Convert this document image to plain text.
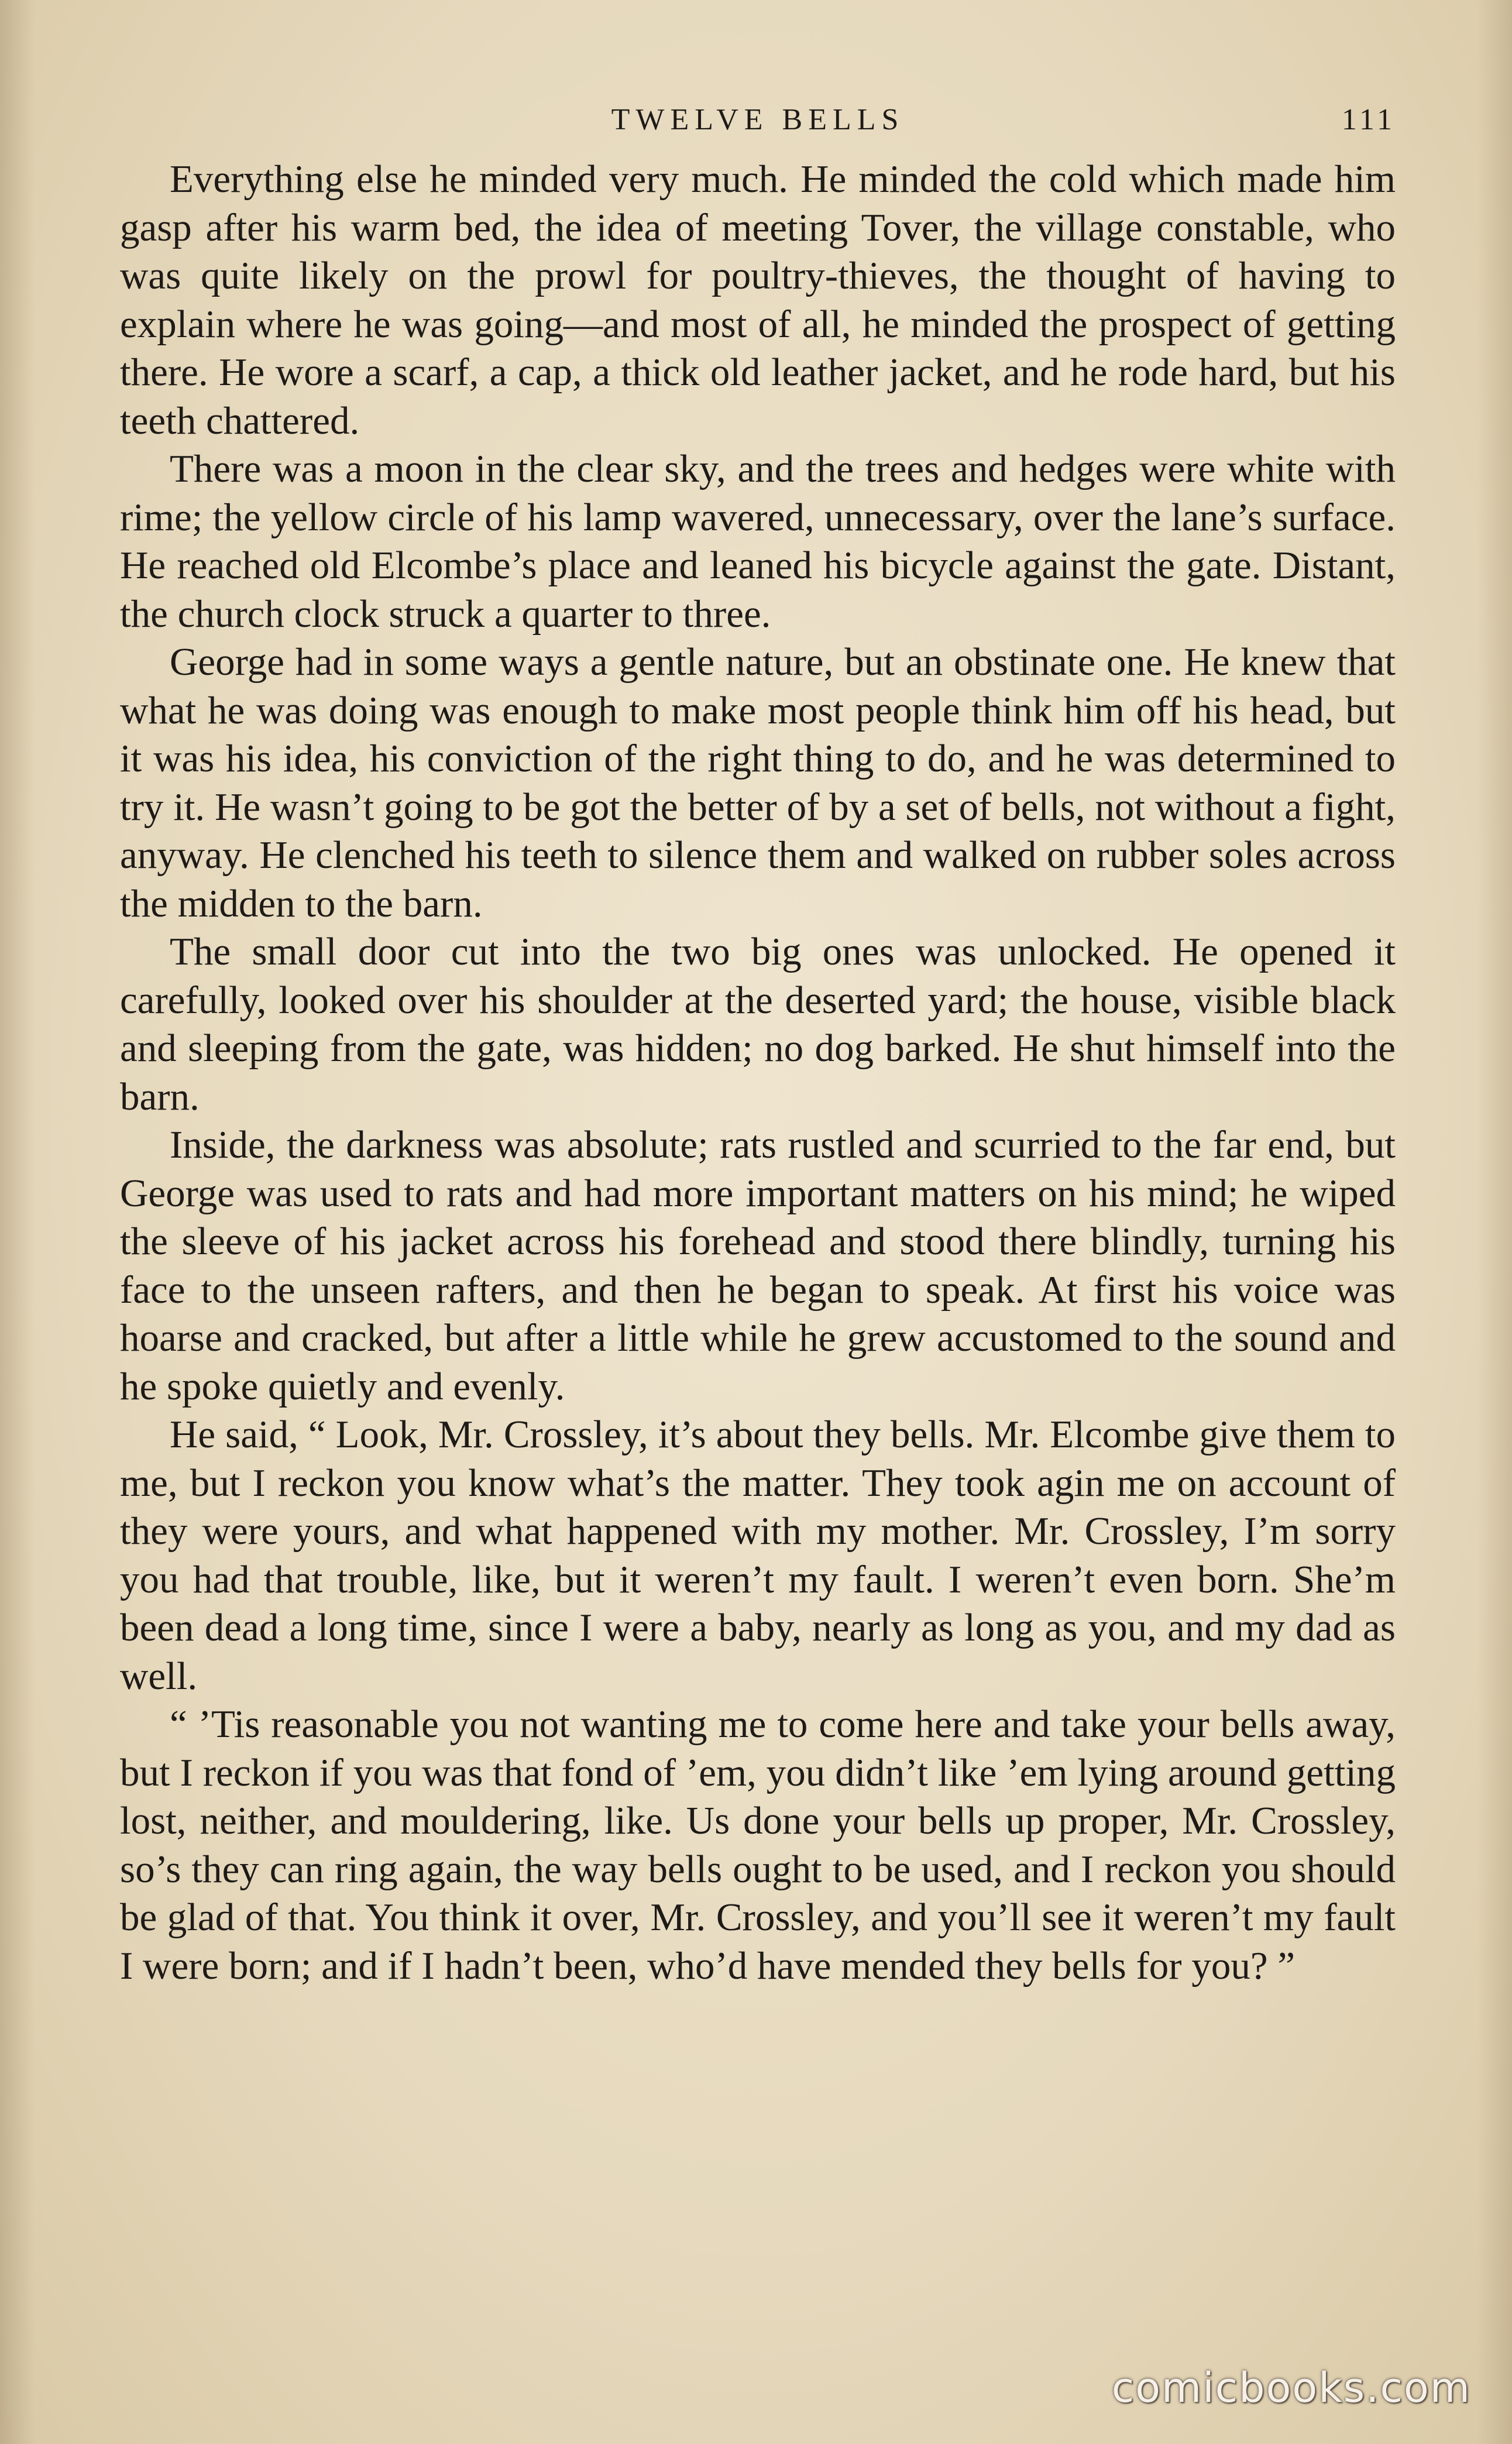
TWELVE BELLS	111

Everything else he minded very much. He minded the cold which made him gasp after his warm bed, the idea of meeting Tover, the village constable, who was quite likely on the prowl for poultry-thieves, the thought of having to explain where he was going—and most of all, he minded the prospect of getting there. He wore a scarf, a cap, a thick old leather jacket, and he rode hard, but his teeth chattered.

There was a moon in the clear sky, and the trees and hedges were white with rime; the yellow circle of his lamp wavered, unnecessary, over the lane’s surface. He reached old Elcombe’s place and leaned his bicycle against the gate. Distant, the church clock struck a quarter to three.

George had in some ways a gentle nature, but an obstinate one. He knew that what he was doing was enough to make most people think him off his head, but it was his idea, his conviction of the right thing to do, and he was determined to try it. He wasn’t going to be got the better of by a set of bells, not without a fight, anyway. He clenched his teeth to silence them and walked on rubber soles across the midden to the barn.

The small door cut into the two big ones was unlocked. He opened it carefully, looked over his shoulder at the deserted yard; the house, visible black and sleeping from the gate, was hidden; no dog barked. He shut himself into the barn.

Inside, the darkness was absolute; rats rustled and scurried to the far end, but George was used to rats and had more important matters on his mind; he wiped the sleeve of his jacket across his forehead and stood there blindly, turning his face to the unseen rafters, and then he began to speak. At first his voice was hoarse and cracked, but after a little while he grew accustomed to the sound and he spoke quietly and evenly.

He said, “ Look, Mr. Crossley, it’s about they bells. Mr. Elcombe give them to me, but I reckon you know what’s the matter. They took agin me on account of they were yours, and what happened with my mother. Mr. Crossley, I’m sorry you had that trouble, like, but it weren’t my fault. I weren’t even born. She’m been dead a long time, since I were a baby, nearly as long as you, and my dad as well.

“ ’Tis reasonable you not wanting me to come here and take your bells away, but I reckon if you was that fond of ’em, you didn’t like ’em lying around getting lost, neither, and mouldering, like. Us done your bells up proper, Mr. Crossley, so’s they can ring again, the way bells ought to be used, and I reckon you should be glad of that. You think it over, Mr. Crossley, and you’ll see it weren’t my fault I were born; and if I hadn’t been, who’d have mended they bells for you? ”

comicbooks.com
